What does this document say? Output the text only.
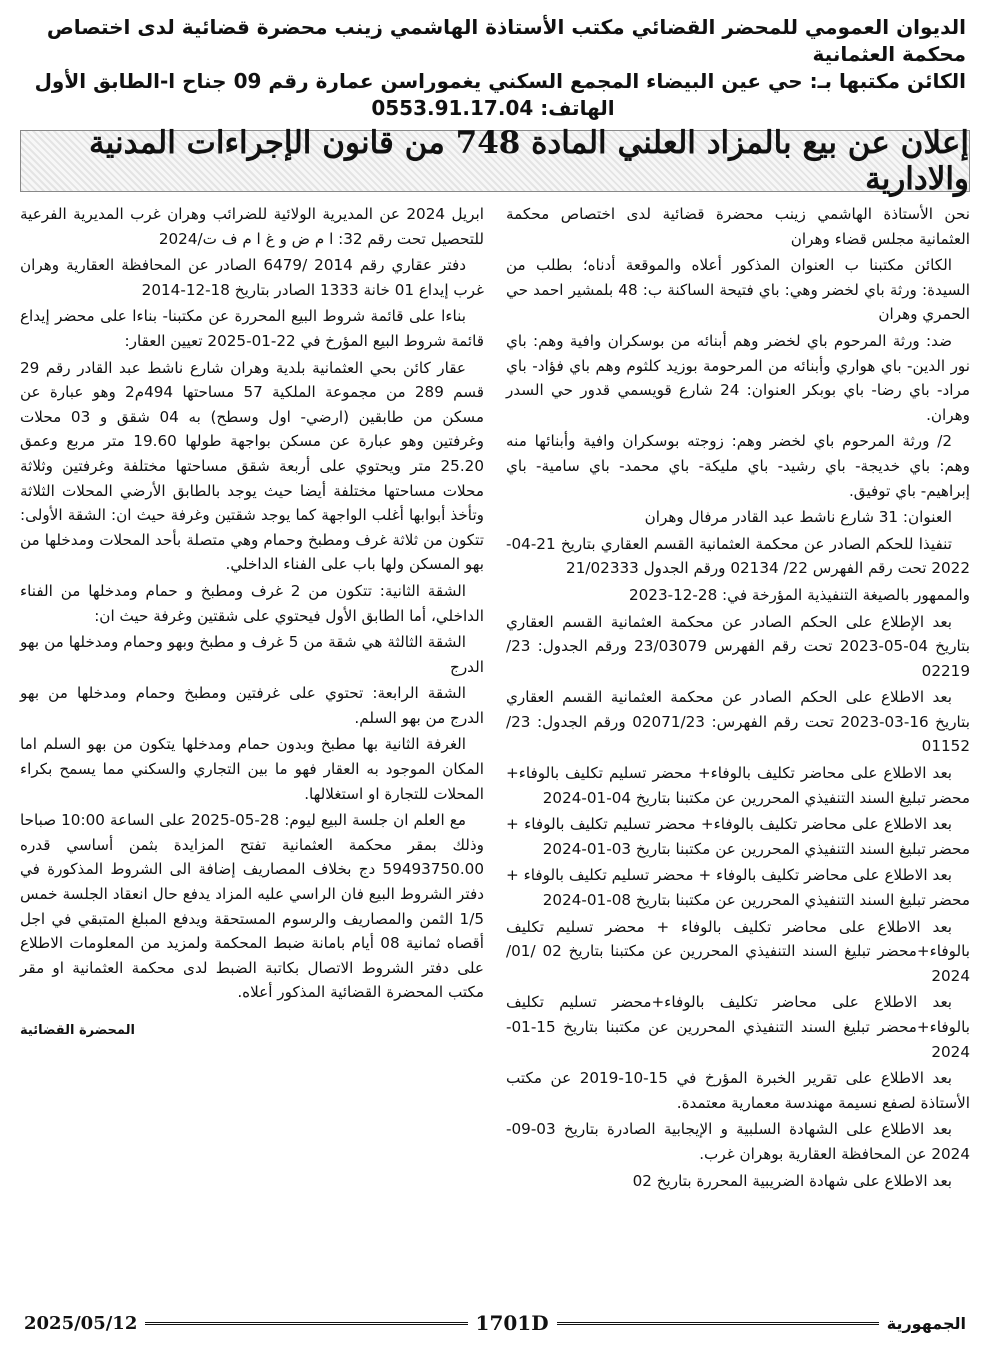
الديوان العمومي للمحضر القضائي مكتب الأستاذة الهاشمي زينب محضرة قضائية لدى اختصاص محكمة العثمانية
الكائن مكتبها بـ: حي عين البيضاء المجمع السكني يغموراسن عمارة رقم 09 جناح ا-الطابق الأول
الهاتف: 0553.91.17.04
إعلان عن بيع بالمزاد العلني المادة 748 من قانون الإجراءات المدنية والادارية

نحن الأستاذة الهاشمي زينب محضرة قضائية لدى اختصاص محكمة العثمانية مجلس قضاء وهران

الكائن مكتبنا ب العنوان المذكور أعلاه والموقعة أدناه؛ بطلب من السيدة: ورثة باي لخضر وهي: باي فتيحة الساكنة ب: 48 بلمشير احمد حي الحمري وهران

ضد: ورثة المرحوم باي لخضر وهم أبنائه من بوسكران وافية وهم: باي نور الدين- باي هواري وأبنائه من المرحومة بوزيد كلثوم وهم باي فؤاد- باي مراد- باي رضا- باي بوبكر العنوان: 24 شارع قويسمي قدور حي السدر وهران.

2/ ورثة المرحوم باي لخضر وهم: زوجته بوسكران وافية وأبنائها منه وهم: باي خديجة- باي رشيد- باي مليكة- باي محمد- باي سامية- باي إبراهيم- باي توفيق.

العنوان: 31 شارع ناشط عبد القادر مرفال وهران

تنفيذا للحكم الصادر عن محكمة العثمانية القسم العقاري بتاريخ 21-04-2022 تحت رقم الفهرس 22/ 02134 ورقم الجدول 21/02333

والممهور بالصيغة التنفيذية المؤرخة في: 28-12-2023

بعد الإطلاع على الحكم الصادر عن محكمة العثمانية القسم العقاري بتاريخ 04-05-2023 تحت رقم الفهرس 23/03079 ورقم الجدول: 23/ 02219

بعد الاطلاع على الحكم الصادر عن محكمة العثمانية القسم العقاري بتاريخ 16-03-2023 تحت رقم الفهرس: 02071/23 ورقم الجدول: 23/ 01152

بعد الاطلاع على محاضر تكليف بالوفاء+ محضر تسليم تكليف بالوفاء+ محضر تبليغ السند التنفيذي المحررين عن مكتبنا بتاريخ 04-01-2024

بعد الاطلاع على محاضر تكليف بالوفاء+ محضر تسليم تكليف بالوفاء + محضر تبليغ السند التنفيذي المحررين عن مكتبنا بتاريخ 03-01-2024

بعد الاطلاع على محاضر تكليف بالوفاء + محضر تسليم تكليف بالوفاء + محضر تبليغ السند التنفيذي المحررين عن مكتبنا بتاريخ 08-01-2024

بعد الاطلاع على محاضر تكليف بالوفاء + محضر تسليم تكليف بالوفاء+محضر تبليغ السند التنفيذي المحررين عن مكتبنا بتاريخ 02 /01/ 2024

بعد الاطلاع على محاضر تكليف بالوفاء+محضر تسليم تكليف بالوفاء+محضر تبليغ السند التنفيذي المحررين عن مكتبنا بتاريخ 15-01-2024

بعد الاطلاع على تقرير الخبرة المؤرخ في 15-10-2019 عن مكتب الأستاذة لصفع نسيمة مهندسة معمارية معتمدة.

بعد الاطلاع على الشهادة السلبية و الإيجابية الصادرة بتاريخ 03-09-2024 عن المحافظة العقارية بوهران غرب.

بعد الاطلاع على شهادة الضريبية المحررة بتاريخ 02

ابريل 2024 عن المديرية الولائية للضرائب وهران غرب المديرية الفرعية للتحصيل تحت رقم 32: ا م ض و غ ا م ف ت/2024

دفتر عقاري رقم 2014 /6479 الصادر عن المحافظة العقارية وهران غرب إيداع 01 خانة 1333 الصادر بتاريخ 18-12-2014

بناءا على قائمة شروط البيع المحررة عن مكتبنا- بناءا على محضر إيداع قائمة شروط البيع المؤرخ في 22-01-2025 تعيين العقار:

عقار كائن بحي العثمانية بلدية وهران شارع ناشط عبد القادر رقم 29 قسم 289 من مجموعة الملكية 57 مساحتها 494م2 وهو عبارة عن مسكن من طابقين (ارضي- اول وسطح) به 04 شقق و 03 محلات وغرفتين وهو عبارة عن مسكن بواجهة طولها 19.60 متر مربع وعمق 25.20 متر ويحتوي على أربعة شقق مساحتها مختلفة وغرفتين وثلاثة محلات مساحتها مختلفة أيضا حيث يوجد بالطابق الأرضي المحلات الثلاثة وتأخذ أبوابها أغلب الواجهة كما يوجد شقتين وغرفة حيث ان: الشقة الأولى: تتكون من ثلاثة غرف ومطبخ وحمام وهي متصلة بأحد المحلات ومدخلها من بهو المسكن ولها باب على الفناء الداخلي.

الشقة الثانية: تتكون من 2 غرف ومطبخ و حمام ومدخلها من الفناء الداخلي، أما الطابق الأول فيحتوي على شقتين وغرفة حيث ان:

الشقة الثالثة هي شقة من 5 غرف و مطبخ وبهو وحمام ومدخلها من بهو الدرج

الشقة الرابعة: تحتوي على غرفتين ومطبخ وحمام ومدخلها من بهو الدرج من بهو السلم.

الغرفة الثانية بها مطبخ وبدون حمام ومدخلها يتكون من بهو السلم اما المكان الموجود به العقار فهو ما بين التجاري والسكني مما يسمح بكراء المحلات للتجارة او استغلالها.

مع العلم ان جلسة البيع ليوم: 28-05-2025 على الساعة 10:00 صباحا وذلك بمقر محكمة العثمانية تفتح المزايدة بثمن أساسي قدره 59493750.00 دج بخلاف المصاريف إضافة الى الشروط المذكورة في دفتر الشروط البيع فان الراسي عليه المزاد يدفع حال انعقاد الجلسة خمس 1/5 الثمن والمصاريف والرسوم المستحقة ويدفع المبلغ المتبقي في اجل أقصاه ثمانية 08 أيام بامانة ضبط المحكمة ولمزيد من المعلومات الاطلاع على دفتر الشروط الاتصال بكاتبة الضبط لدى محكمة العثمانية او مقر مكتب المحضرة القضائية المذكور أعلاه.

المحضرة القضائية
الجمهورية
1701D
2025/05/12
